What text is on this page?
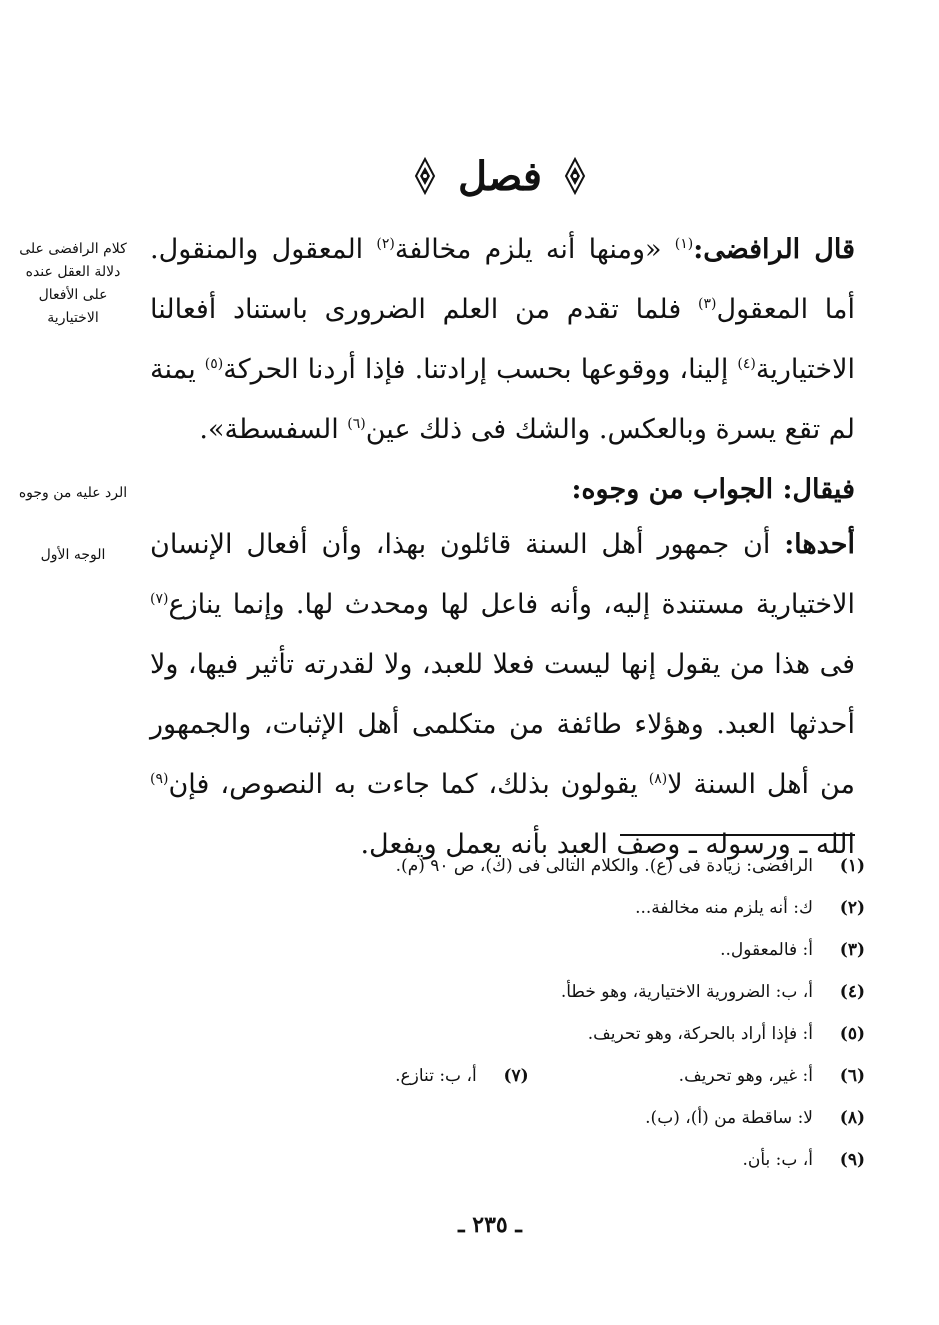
فصل

قال الرافضى:$^{(١)}$ «ومنها أنه يلزم مخالفة$^{(٢)}$ المعقول والمنقول. أما المعقول$^{(٣)}$ فلما تقدم من العلم الضرورى باستناد أفعالنا الاختيارية$^{(٤)}$ إلينا، ووقوعها بحسب إرادتنا. فإذا أردنا الحركة$^{(٥)}$ يمنة لم تقع يسرة وبالعكس. والشك فى ذلك عين$^{(٦)}$ السفسطة».

فيقال: الجواب من وجوه:

أحدها: أن جمهور أهل السنة قائلون بهذا، وأن أفعال الإنسان الاختيارية مستندة إليه، وأنه فاعل لها ومحدث لها. وإنما ينازع$^{(٧)}$ فى هذا من يقول إنها ليست فعلا للعبد، ولا لقدرته تأثير فيها، ولا أحدثها العبد. وهؤلاء طائفة من متكلمى أهل الإثبات، والجمهور من أهل السنة لا$^{(٨)}$ يقولون بذلك، كما جاءت به النصوص، فإن$^{(٩)}$ الله ـ ورسوله ـ وصف العبد بأنه يعمل ويفعل.

كلام الرافضى على دلالة العقل عنده على الأفعال الاختيارية
الرد عليه من وجوه
الوجه الأول
(١)
الرافضى: زيادة فى (ع). والكلام التالى فى (ك)، ص ٩٠ (م).
(٢)
ك: أنه يلزم منه مخالفة...
(٣)
أ: فالمعقول..
(٤)
أ، ب: الضرورية الاختيارية، وهو خطأ.
(٥)
أ: فإذا أراد بالحركة، وهو تحريف.
(٦)
أ: غير، وهو تحريف.
(٧)
أ، ب: تنازع.
(٨)
لا: ساقطة من (أ)، (ب).
(٩)
أ، ب: بأن.
ـ ٢٣٥ ـ
